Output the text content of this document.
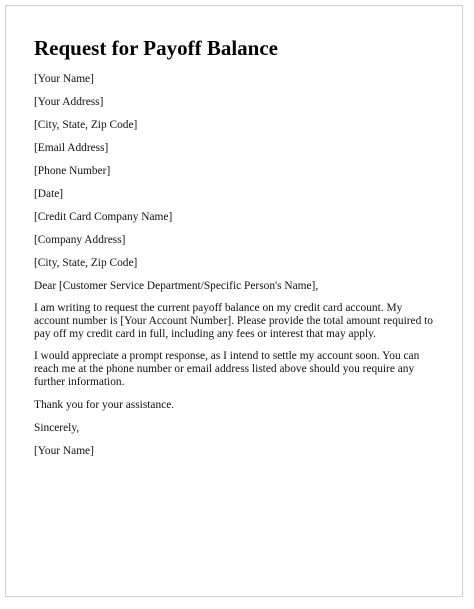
Request for Payoff Balance
[Your Name]
[Your Address]
[City, State, Zip Code]
[Email Address]
[Phone Number]
[Date]
[Credit Card Company Name]
[Company Address]
[City, State, Zip Code]
Dear [Customer Service Department/Specific Person's Name],

I am writing to request the current payoff balance on my credit card account. My account number is [Your Account Number]. Please provide the total amount required to pay off my credit card in full, including any fees or interest that may apply.

I would appreciate a prompt response, as I intend to settle my account soon. You can reach me at the phone number or email address listed above should you require any further information.

Thank you for your assistance.
Sincerely,
[Your Name]
